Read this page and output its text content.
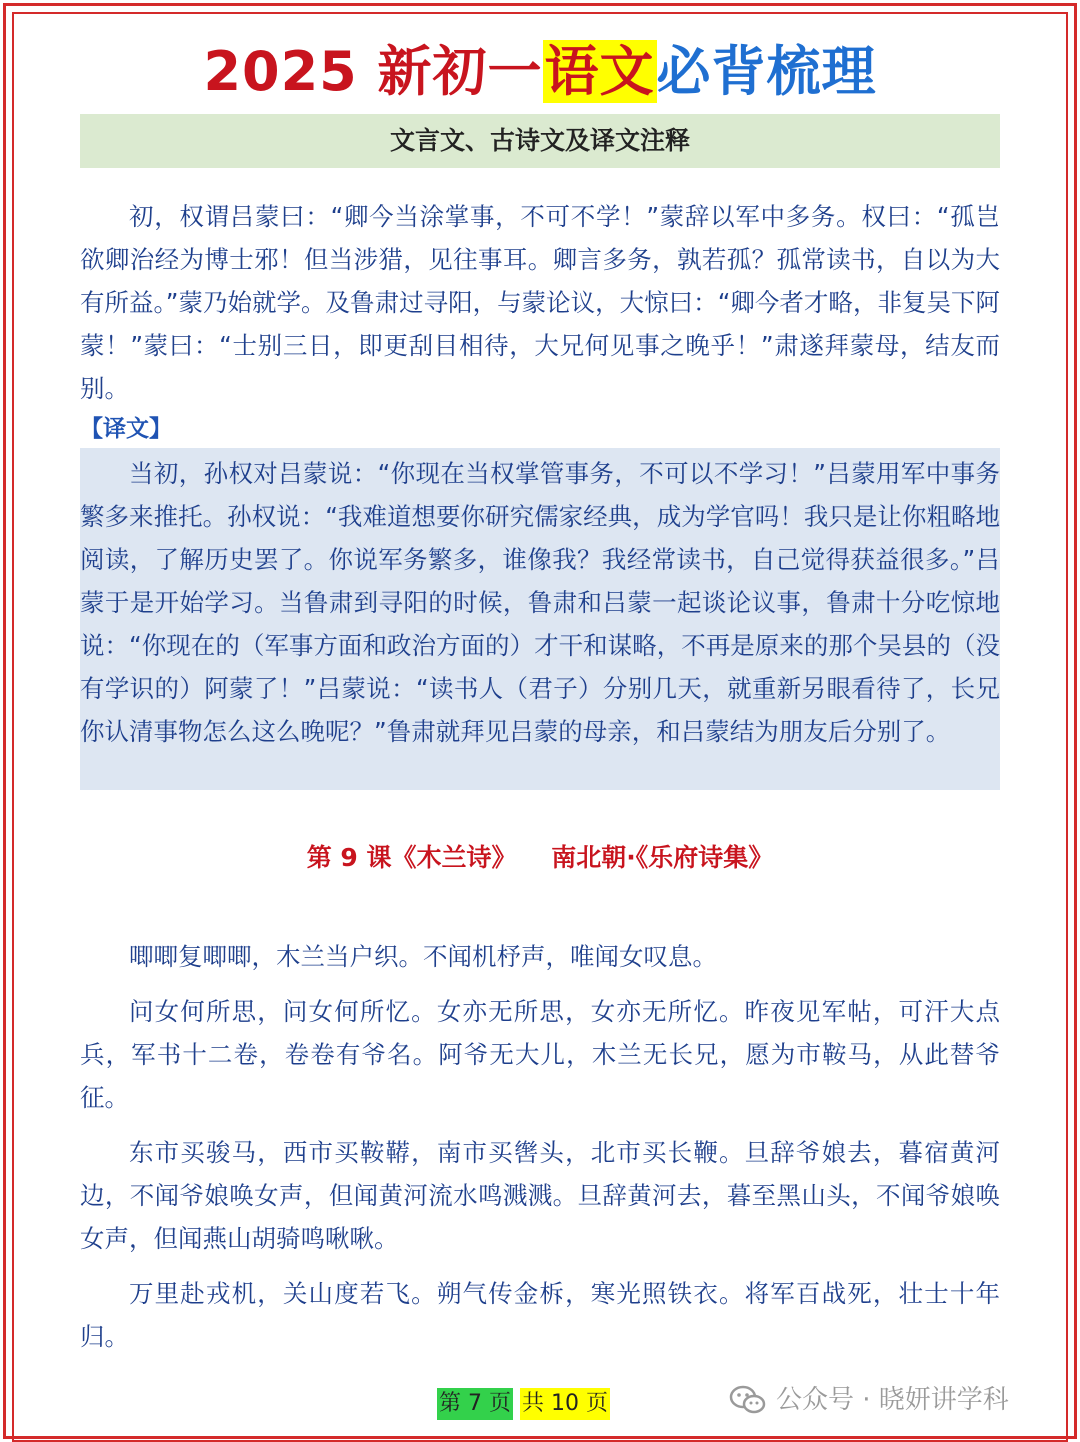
2025 新初一语文必背梳理
文言文、古诗文及译文注释

初，权谓吕蒙曰：“卿今当涂掌事，不可不学！”蒙辞以军中多务。权曰：“孤岂欲卿治经为博士邪！但当涉猎，见往事耳。卿言多务，孰若孤？孤常读书，自以为大有所益。”蒙乃始就学。及鲁肃过寻阳，与蒙论议，大惊曰：“卿今者才略，非复吴下阿蒙！”蒙曰：“士别三日，即更刮目相待，大兄何见事之晚乎！”肃遂拜蒙母，结友而别。

【译文】

当初，孙权对吕蒙说：“你现在当权掌管事务，不可以不学习！”吕蒙用军中事务繁多来推托。孙权说：“我难道想要你研究儒家经典，成为学官吗！我只是让你粗略地阅读，了解历史罢了。你说军务繁多，谁像我？我经常读书，自己觉得获益很多。”吕蒙于是开始学习。当鲁肃到寻阳的时候，鲁肃和吕蒙一起谈论议事，鲁肃十分吃惊地说：“你现在的（军事方面和政治方面的）才干和谋略，不再是原来的那个吴县的（没有学识的）阿蒙了！”吕蒙说：“读书人（君子）分别几天，就重新另眼看待了，长兄你认清事物怎么这么晚呢？”鲁肃就拜见吕蒙的母亲，和吕蒙结为朋友后分别了。

第 9 课《木兰诗》    南北朝·《乐府诗集》

唧唧复唧唧，木兰当户织。不闻机杼声，唯闻女叹息。

问女何所思，问女何所忆。女亦无所思，女亦无所忆。昨夜见军帖，可汗大点兵，军书十二卷，卷卷有爷名。阿爷无大儿，木兰无长兄，愿为市鞍马，从此替爷征。

东市买骏马，西市买鞍鞯，南市买辔头，北市买长鞭。旦辞爷娘去，暮宿黄河边，不闻爷娘唤女声，但闻黄河流水鸣溅溅。旦辞黄河去，暮至黑山头，不闻爷娘唤女声，但闻燕山胡骑鸣啾啾。

万里赴戎机，关山度若飞。朔气传金柝，寒光照铁衣。将军百战死，壮士十年归。

第 7 页 共 10 页	公众号 · 晓妍讲学科
